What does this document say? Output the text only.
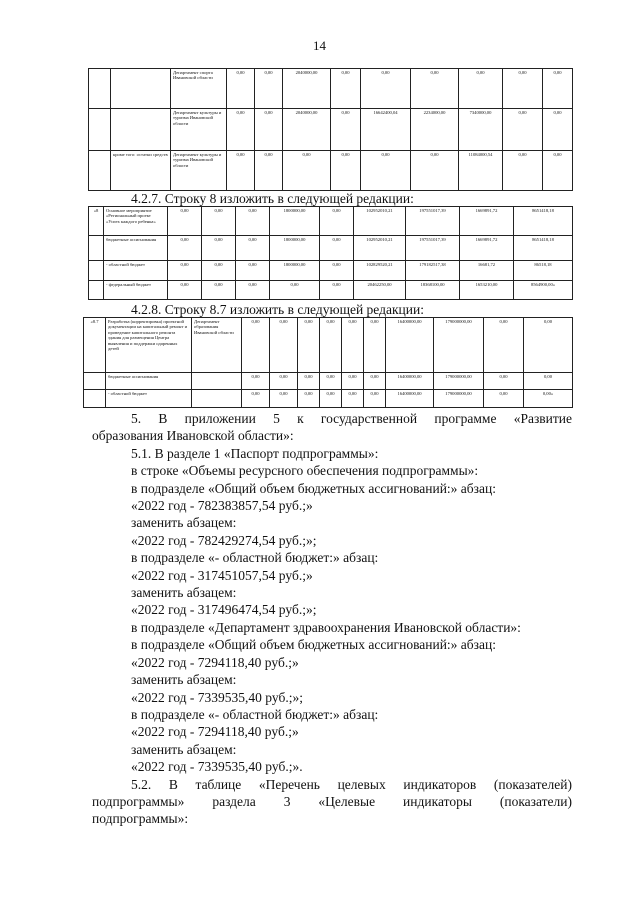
14
		Департамент спорта Ивановской области	0,00	0,00	2040000,00	0,00	0,00	0,00	0,00	0,00	0,00
		Департамент культуры и туризма Ивановской области	0,00	0,00	2040000,00	0,00	16642400,04	2234000,00	7340000,00	0,00	0,00
	кроме того: остатки средств	Департамент культуры и туризма Ивановской области	0,00	0,00	0,00	0,00	0,00	0,00	11084000,54	0,00	0,00
4.2.7. Строку 8 изложить в следующей редакции:
«8	Основное мероприятие «Региональный проект «Успех каждого ребенка»	0,00	0,00	0,00	1800000,00	0,00	102952010,21	197551017,39	1669891,72	8651418,18
	бюджетные ассигнования	0,00	0,00	0,00	1800000,00	0,00	102952010,21	197551017,39	1669891,72	8651418,18
	- областной бюджет	0,00	0,00	0,00	1800000,00	0,00	102829520,21	179182517,38	16681,72	86518,18
	- федеральный бюджет	0,00	0,00	0,00	0,00	0,00	20462250,00	18368100,00	1653210,00	8564900,00»
4.2.8. Строку 8.7 изложить в следующей редакции:
«8.7	Разработка (корректировка) проектной документации на капитальный ремонт и проведение капитального ремонта здания для размещения Центра выявления и поддержки одаренных детей	Департамент образования Ивановской области	0,00	0,00	0,00	0,00	0,00	0,00	16400000,00	179000000,00	0,00	0,00
	бюджетные ассигнования		0,00	0,00	0,00	0,00	0,00	0,00	16400000,00	179000000,00	0,00	0,00
	- областной бюджет		0,00	0,00	0,00	0,00	0,00	0,00	16400000,00	179000000,00	0,00	0,00»

5. В приложении 5 к государственной программе «Развитие

образования Ивановской области»:

5.1. В разделе 1 «Паспорт подпрограммы»:

в строке «Объемы ресурсного обеспечения подпрограммы»:

в подразделе «Общий объем бюджетных ассигнований:» абзац:

«2022 год - 782383857,54 руб.;»

заменить абзацем:

«2022 год - 782429274,54 руб.;»;

в подразделе «- областной бюджет:» абзац:

«2022 год - 317451057,54 руб.;»

заменить абзацем:

«2022 год - 317496474,54 руб.;»;

в подразделе «Департамент здравоохранения Ивановской области»:

в подразделе «Общий объем бюджетных ассигнований:» абзац:

«2022 год - 7294118,40 руб.;»

заменить абзацем:

«2022 год - 7339535,40 руб.;»;

в подразделе «- областной бюджет:» абзац:

«2022 год - 7294118,40 руб.;»

заменить абзацем:

«2022 год - 7339535,40 руб.;».

5.2. В таблице «Перечень целевых индикаторов (показателей)

подпрограммы» раздела 3 «Целевые индикаторы (показатели)

подпрограммы»:
